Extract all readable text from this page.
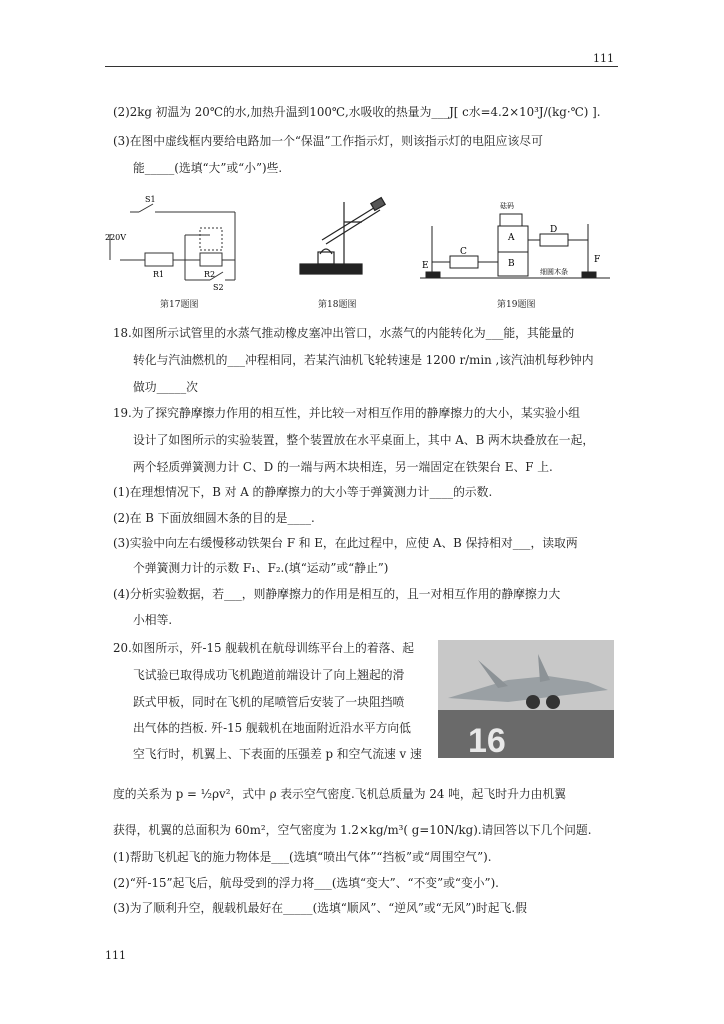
111
(2)2kg 初温为 20℃的水,加热升温到100℃,水吸收的热量为___J[ c水=4.2×10³J/(kg·℃) ].
(3)在图中虚线框内要给电路加一个“保温”工作指示灯，则该指示灯的电阻应该尽可
能_____(选填“大”或“小”)些.
S1
220V
R1	R2
S2
第17题图	第18题图
A
B
C
D
E
F
砝码
细圆木条
第19题图
18.如图所示试管里的水蒸气推动橡皮塞冲出管口，水蒸气的内能转化为___能，其能量的
转化与汽油燃机的___冲程相同，若某汽油机飞轮转速是 1200 r/min ,该汽油机每秒钟内
做功_____次
19.为了探究静摩擦力作用的相互性，并比较一对相互作用的静摩擦力的大小，某实验小组
设计了如图所示的实验装置，整个装置放在水平桌面上，其中 A、B 两木块叠放在一起，
两个轻质弹簧测力计 C、D 的一端与两木块相连，另一端固定在铁架台 E、F 上.
(1)在理想情况下，B 对 A 的静摩擦力的大小等于弹簧测力计____的示数.
(2)在 B 下面放细圆木条的目的是____.
(3)实验中向左右缓慢移动铁架台 F 和 E，在此过程中，应使 A、B 保持相对___，读取两
个弹簧测力计的示数 F₁、F₂.(填“运动”或“静止”)
(4)分析实验数据，若___，则静摩擦力的作用是相互的，且一对相互作用的静摩擦力大
小相等.
20.如图所示，歼-15 舰载机在航母训练平台上的着落、起
飞试验已取得成功飞机跑道前端设计了向上翘起的滑
跃式甲板，同时在飞机的尾喷管后安装了一块阻挡喷
出气体的挡板. 歼-15 舰载机在地面附近沿水平方向低
空飞行时，机翼上、下表面的压强差 p 和空气流速 v 速 16
度的关系为 p = ½ρv²，式中 ρ 表示空气密度.飞机总质量为 24 吨，起飞时升力由机翼
获得，机翼的总面积为 60m²，空气密度为 1.2×kg/m³( g=10N/kg).请回答以下几个问题.
(1)帮助飞机起飞的施力物体是___(选填“喷出气体”“挡板”或“周围空气”).
(2)“歼-15”起飞后，航母受到的浮力将___(选填“变大”、“不变”或“变小”).
(3)为了顺利升空，舰载机最好在_____(选填“顺风”、“逆风”或“无风”)时起飞.假
111
